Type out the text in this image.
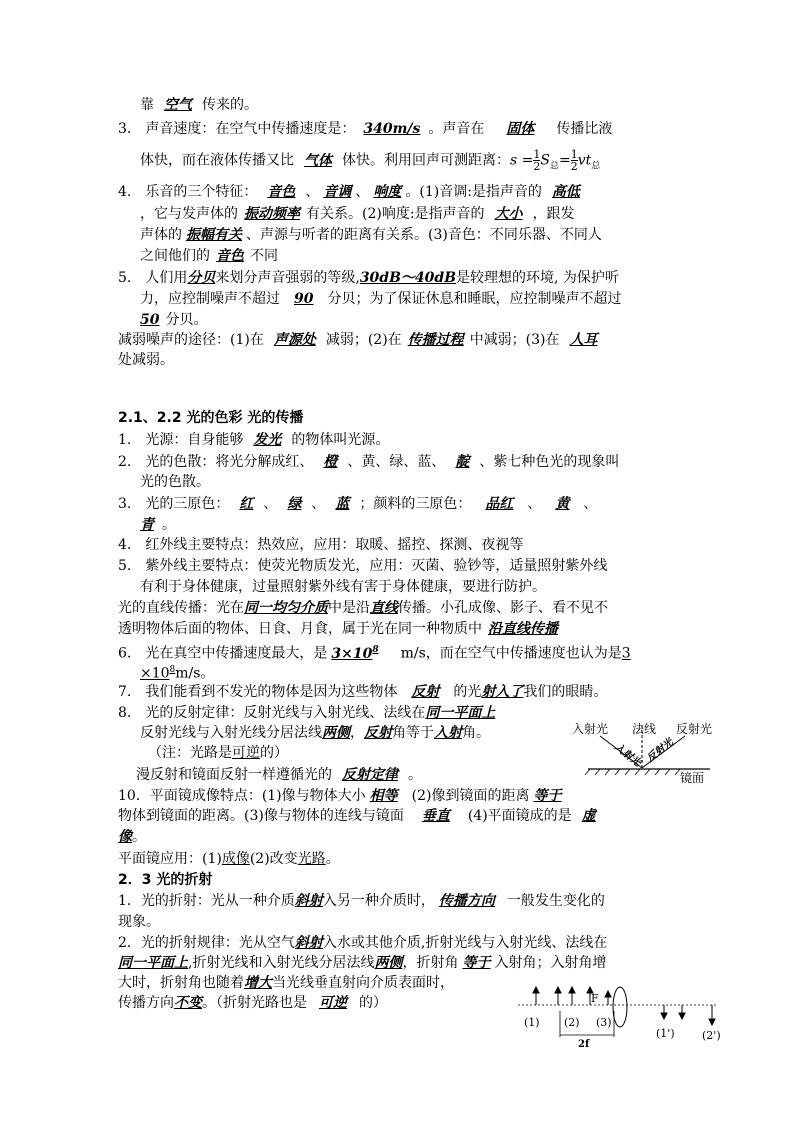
靠 空气 传来的。
3.　声音速度：在空气中传播速度是： 340m/s 。声音在 固体 传播比液
体快，而在液体传播又比 气体 体快。利用回声可测距离：$s = \frac{1}{2} S_总= \frac{1}{2} vt_总$
4.　乐音的三个特征： 音色 、 音调 、 响度 。(1)音调:是指声音的 高低
，它与发声体的 振动频率 有关系。(2)响度:是指声音的 大小 ，跟发
声体的 振幅有关 、声源与听者的距离有关系。(3)音色：不同乐器、不同人
之间他们的 音色 不同
5.　人们用分贝来划分声音强弱的等级,30dB～40dB是较理想的环境, 为保护听
力，应控制噪声不超过 90 分贝；为了保证休息和睡眠，应控制噪声不超过
50 分贝。
减弱噪声的途径：(1)在 声源处 减弱；(2)在 传播过程 中减弱；(3)在 人耳
处减弱。
2.1、2.2 光的色彩 光的传播
1.　光源：自身能够 发光 的物体叫光源。
2.　光的色散：将光分解成红、 橙 、黄、绿、蓝、 靛 、紫七种色光的现象叫
光的色散。
3.　光的三原色： 红 、 绿 、 蓝 ；颜料的三原色： 品红 、 黄 、
青 。
4.　红外线主要特点：热效应，应用：取暖、摇控、探测、夜视等
5.　紫外线主要特点：使荧光物质发光，应用：灭菌、验钞等，适量照射紫外线
有利于身体健康，过量照射紫外线有害于身体健康，要进行防护。
光的直线传播：光在同一均匀介质中是沿直线传播。小孔成像、影子、看不见不
透明物体后面的物体、日食、月食，属于光在同一种物质中 沿直线传播
6.　光在真空中传播速度最大，是 $3\times 10^8$ m/s，而在空气中传播速度也认为是3
$\times 10^8m/s$。
7.　我们能看到不发光的物体是因为这些物体 反射 的光射入了我们的眼睛。
8.　光的反射定律：反射光线与入射光线、法线在同一平面上
反射光线与入射光线分居法线两侧，反射角等于入射角。
（注：光路是可逆的）
漫反射和镜面反射一样遵循光的 反射定律 。
入射光 法线 反射光
入射光 反射光
镜面
10．平面镜成像特点：(1)像与物体大小 相等 (2)像到镜面的距离 等于
物体到镜面的距离。(3)像与物体的连线与镜面 垂直 (4)平面镜成的是 虚
像。
平面镜应用：(1)成像(2)改变光路。
2．3 光的折射
1．光的折射：光从一种介质斜射入另一种介质时， 传播方向 一般发生变化的
现象。
2．光的折射规律：光从空气斜射入水或其他介质,折射光线与入射光线、法线在
同一平面上,折射光线和入射光线分居法线两侧，折射角 等于 入射角；入射角增
大时，折射角也随着增大当光线垂直射向介质表面时，
传播方向不变。（折射光路也是 可逆 的）	F
(1) (2) (3)
2f
(1') (2')
